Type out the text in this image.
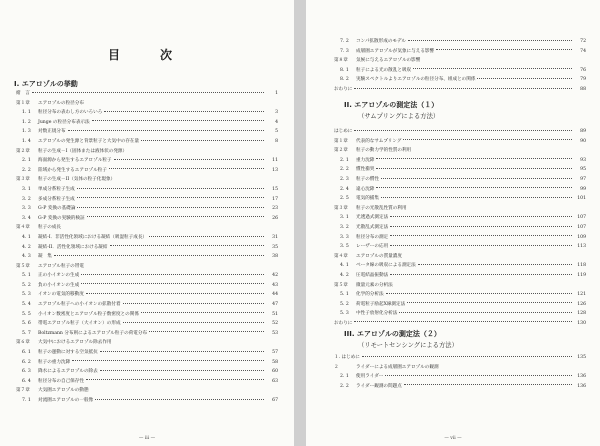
目　次
Ⅰ. エアロゾルの挙動
緒　言	1
第１章	エアロゾルの粒径分布
1. 1	粒径分布の表わし方のいろいろ	3
1. 2	Junge の粒径分布表示法	4
1. 3	対数正規分布	5
1. 4	エアロゾルの発生源と背景粒子と大気中の存在量	8
第２章	粒子の生成－I（固体または液体状の発源）
2. 1	海面源から発生するエアロゾル粒子	11
2. 2	陸域から発生するエアロゾル粒子	13
第３章	粒子の生成－II（気体の粒子化現象）
3. 1	単成分系粒子生成	15
3. 2	多成分系粒子生成	17
3. 3	G-P 変換の基礎論	23
3. 4	G-P 変換の実験的検証	26
第４章	粒子の成長
4. 1	凝結-I．非活性化領域における凝結（吸湿粒子成長）	31
4. 2	凝結-II．活性化領域における凝結	35
4. 3	凝　集	38
第５章	エアロゾル粒子の帯電
5. 1	正の小イオンの生成	42
5. 2	負の小イオンの生成	43
5. 3	イオンの電気的移動度	44
5. 4	エアロゾル粒子への小イオンの拡散付着	47
5. 5	小イオン数密度とエアロゾル粒子数密度との関係	51
5. 6	帯電エアロゾル粒子（大イオン）の形成	52
5. 7	Boltzmann 分布則によるエアロゾル粒子の荷電分布	53
第６章	大気中におけるエアロゾル除去作用
6. 1	粒子の運動に対する空気抵抗	57
6. 2	粒子の重力沈降	58
6. 3	降水によるエアロゾルの除去	60
6. 4	粒径分布の自己保存性	63
第７章	大気圏エアロゾルの動態
7. 1	対流圏エアロゾルの一般像	67
— iii —
7. 2	コンパ拡散形成のモデル	72
7. 3	成層圏エアロゾルが気象に与える影響	74
第８章	気候に与えるエアロゾルの影響
8. 1	粒子による光の散乱と吸収	76
8. 2	実験スペクトルよりエアロゾルの粒径分布、組成との関係	79
おわりに	88
II. エアロゾルの測定法（１）
（サムプリングによる方法）
はじめに	89
第１章	代表的なサムプリング	90
第２章	粒子の動力学的性質の利用
2. 1	重力沈降	93
2. 2	慣性衝突	95
2. 3	粒子の慣性	97
2. 4	遠心沈降	99
2. 5	電気的捕集	101
第３章	粒子の光散乱性質の利用
3. 1	光透過式測定法	107
3. 2	光散乱式測定法	107
3. 3	粒径分布の測定	109
3. 5	レーザーの応用	113
第４章	エアロゾルの質量濃度
4. 1	ベータ線の吸収による測定法	118
4. 2	圧電結晶振動法	119
第５章	微量元素の分析法
5. 1	化学的分析法	121
5. 2	荷電粒子励起X線測定法	126
5. 3	中性子放射化分析法	128
おわりに	130
III. エアロゾルの測定法（２）
（リモートセンシングによる方法）
１. はじめに	135
２	ライダーによる成層圏エアロゾルの観測
2. 1	使用ライダー	136
2. 2	ライダー観測の問題点	136
— vii —
